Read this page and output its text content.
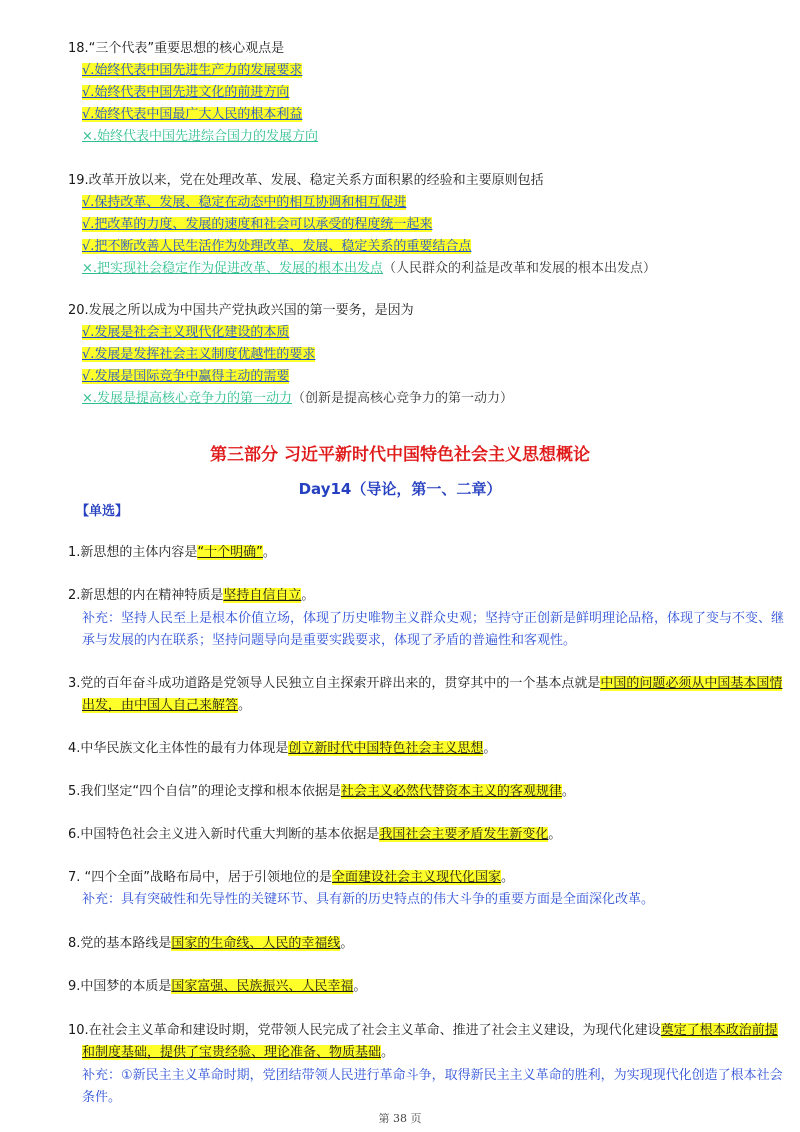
18.“三个代表”重要思想的核心观点是
√.始终代表中国先进生产力的发展要求
√.始终代表中国先进文化的前进方向
√.始终代表中国最广大人民的根本利益
×.始终代表中国先进综合国力的发展方向
19.改革开放以来，党在处理改革、发展、稳定关系方面积累的经验和主要原则包括
√.保持改革、发展、稳定在动态中的相互协调和相互促进
√.把改革的力度、发展的速度和社会可以承受的程度统一起来
√.把不断改善人民生活作为处理改革、发展、稳定关系的重要结合点
×.把实现社会稳定作为促进改革、发展的根本出发点（人民群众的利益是改革和发展的根本出发点）
20.发展之所以成为中国共产党执政兴国的第一要务，是因为
√.发展是社会主义现代化建设的本质
√.发展是发挥社会主义制度优越性的要求
√.发展是国际竞争中赢得主动的需要
×.发展是提高核心竞争力的第一动力（创新是提高核心竞争力的第一动力）
第三部分 习近平新时代中国特色社会主义思想概论
Day14（导论，第一、二章）
【单选】
1.新思想的主体内容是“十个明确”。
2.新思想的内在精神特质是坚持自信自立。
补充：坚持人民至上是根本价值立场，体现了历史唯物主义群众史观；坚持守正创新是鲜明理论品格，体现了变与不变、继
承与发展的内在联系；坚持问题导向是重要实践要求，体现了矛盾的普遍性和客观性。
3.党的百年奋斗成功道路是党领导人民独立自主探索开辟出来的，贯穿其中的一个基本点就是中国的问题必须从中国基本国情
出发，由中国人自己来解答。
4.中华民族文化主体性的最有力体现是创立新时代中国特色社会主义思想。
5.我们坚定“四个自信”的理论支撑和根本依据是社会主义必然代替资本主义的客观规律。
6.中国特色社会主义进入新时代重大判断的基本依据是我国社会主要矛盾发生新变化。
7. “四个全面”战略布局中，居于引领地位的是全面建设社会主义现代化国家。
补充：具有突破性和先导性的关键环节、具有新的历史特点的伟大斗争的重要方面是全面深化改革。
8.党的基本路线是国家的生命线、人民的幸福线。
9.中国梦的本质是国家富强、民族振兴、人民幸福。
10.在社会主义革命和建设时期，党带领人民完成了社会主义革命、推进了社会主义建设，为现代化建设奠定了根本政治前提
和制度基础，提供了宝贵经验、理论准备、物质基础。
补充：①新民主主义革命时期，党团结带领人民进行革命斗争，取得新民主主义革命的胜利，为实现现代化创造了根本社会
条件。
第 38 页
